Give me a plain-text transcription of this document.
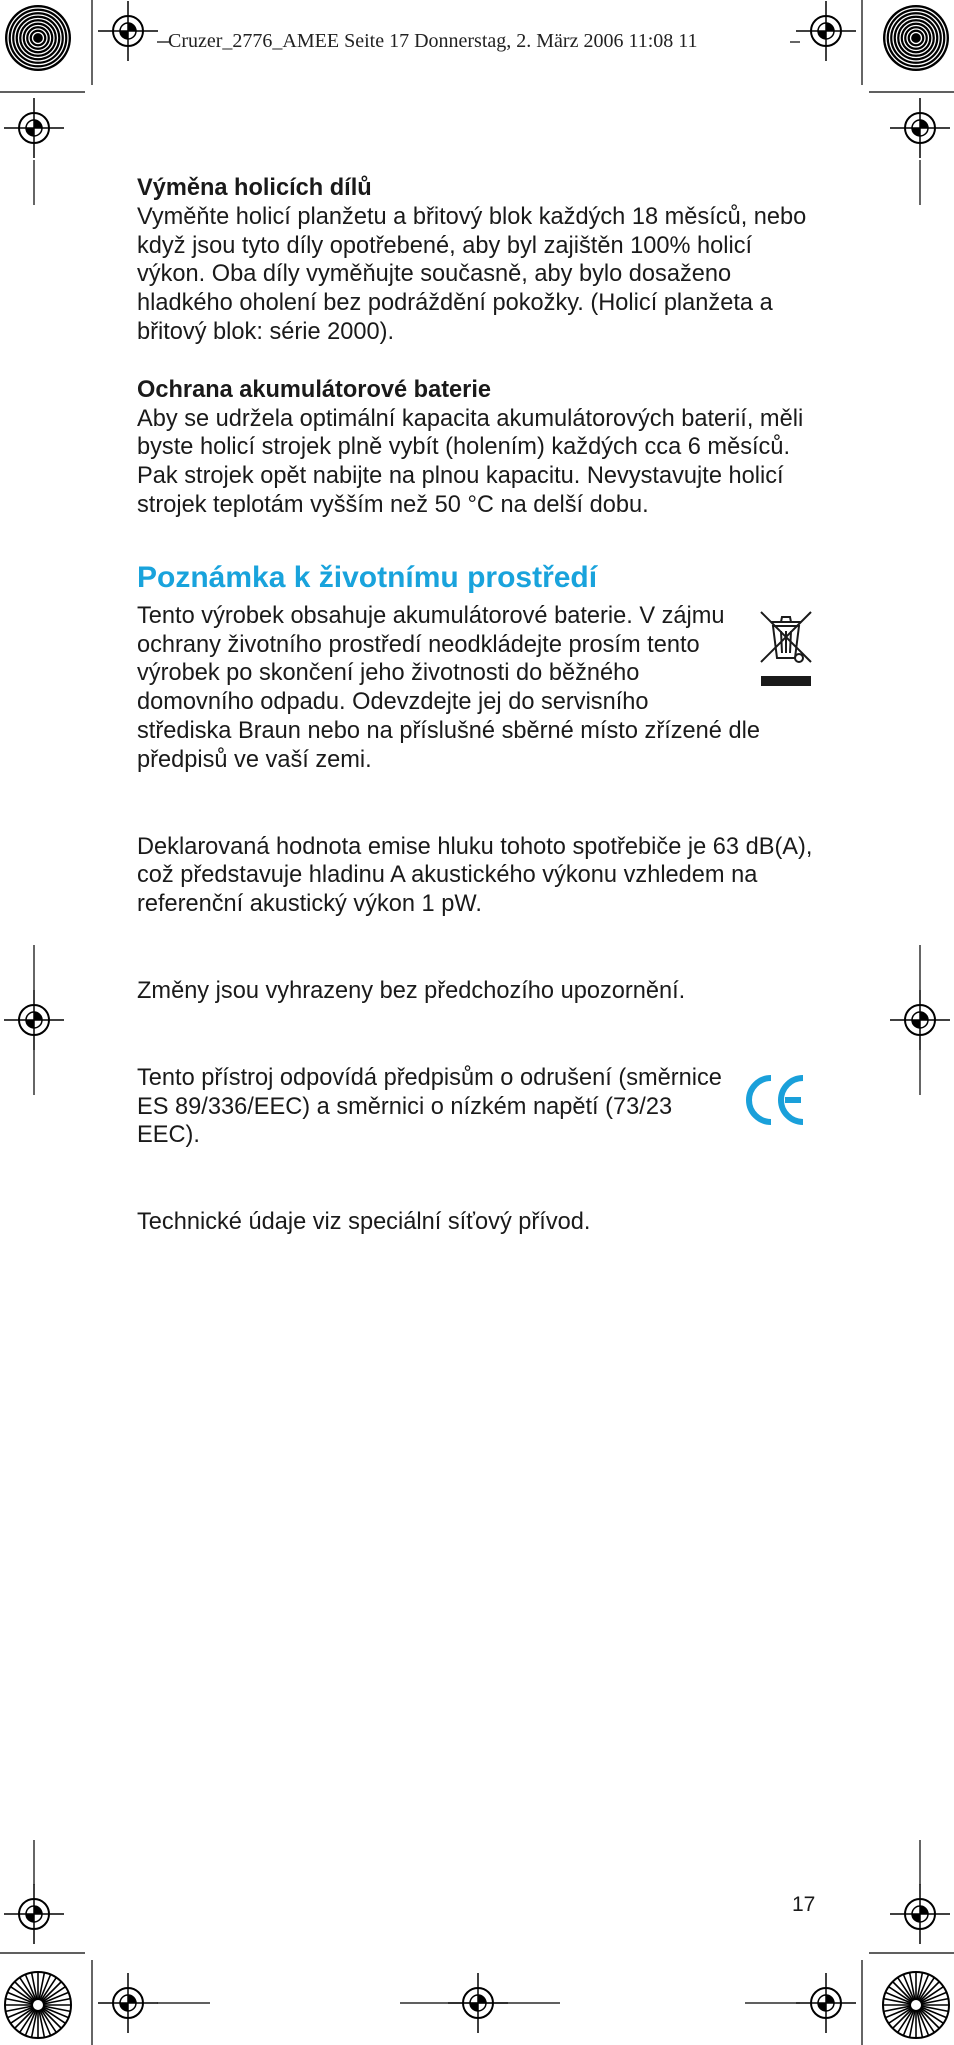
Cruzer_2776_AMEE Seite 17 Donnerstag, 2. März 2006 11:08 11

Výměna holicích dílů

Vyměňte holicí planžetu a břitový blok každých 18 měsíců, nebo když jsou tyto díly opotřebené, aby byl zajištěn 100% holicí výkon. Oba díly vyměňujte současně, aby bylo dosaženo hladkého oholení bez podráždění pokožky. (Holicí planžeta a břitový blok: série 2000).

Ochrana akumulátorové baterie

Aby se udržela optimální kapacita akumulátorových baterií, měli byste holicí strojek plně vybít (holením) každých cca 6 měsíců. Pak strojek opět nabijte na plnou kapacitu. Nevystavujte holicí strojek teplotám vyšším než 50 °C na delší dobu.

Poznámka k životnímu prostředí

Tento výrobek obsahuje akumulátorové baterie. V zájmu ochrany životního prostředí neodkládejte prosím tento výrobek po skončení jeho životnosti do běžného domovního odpadu. Odevzdejte jej do servisního střediska Braun nebo na příslušné sběrné místo zřízené dle předpisů ve vaší zemi.

Deklarovaná hodnota emise hluku tohoto spotřebiče je 63 dB(A), což představuje hladinu A akustického výkonu vzhledem na referenční akustický výkon 1 pW.

Změny jsou vyhrazeny bez předchozího upozornění.

Tento přístroj odpovídá předpisům o odrušení (směrnice ES 89/336/EEC) a směrnici o nízkém napětí (73/23 EEC).

Technické údaje viz speciální síťový přívod.

17
